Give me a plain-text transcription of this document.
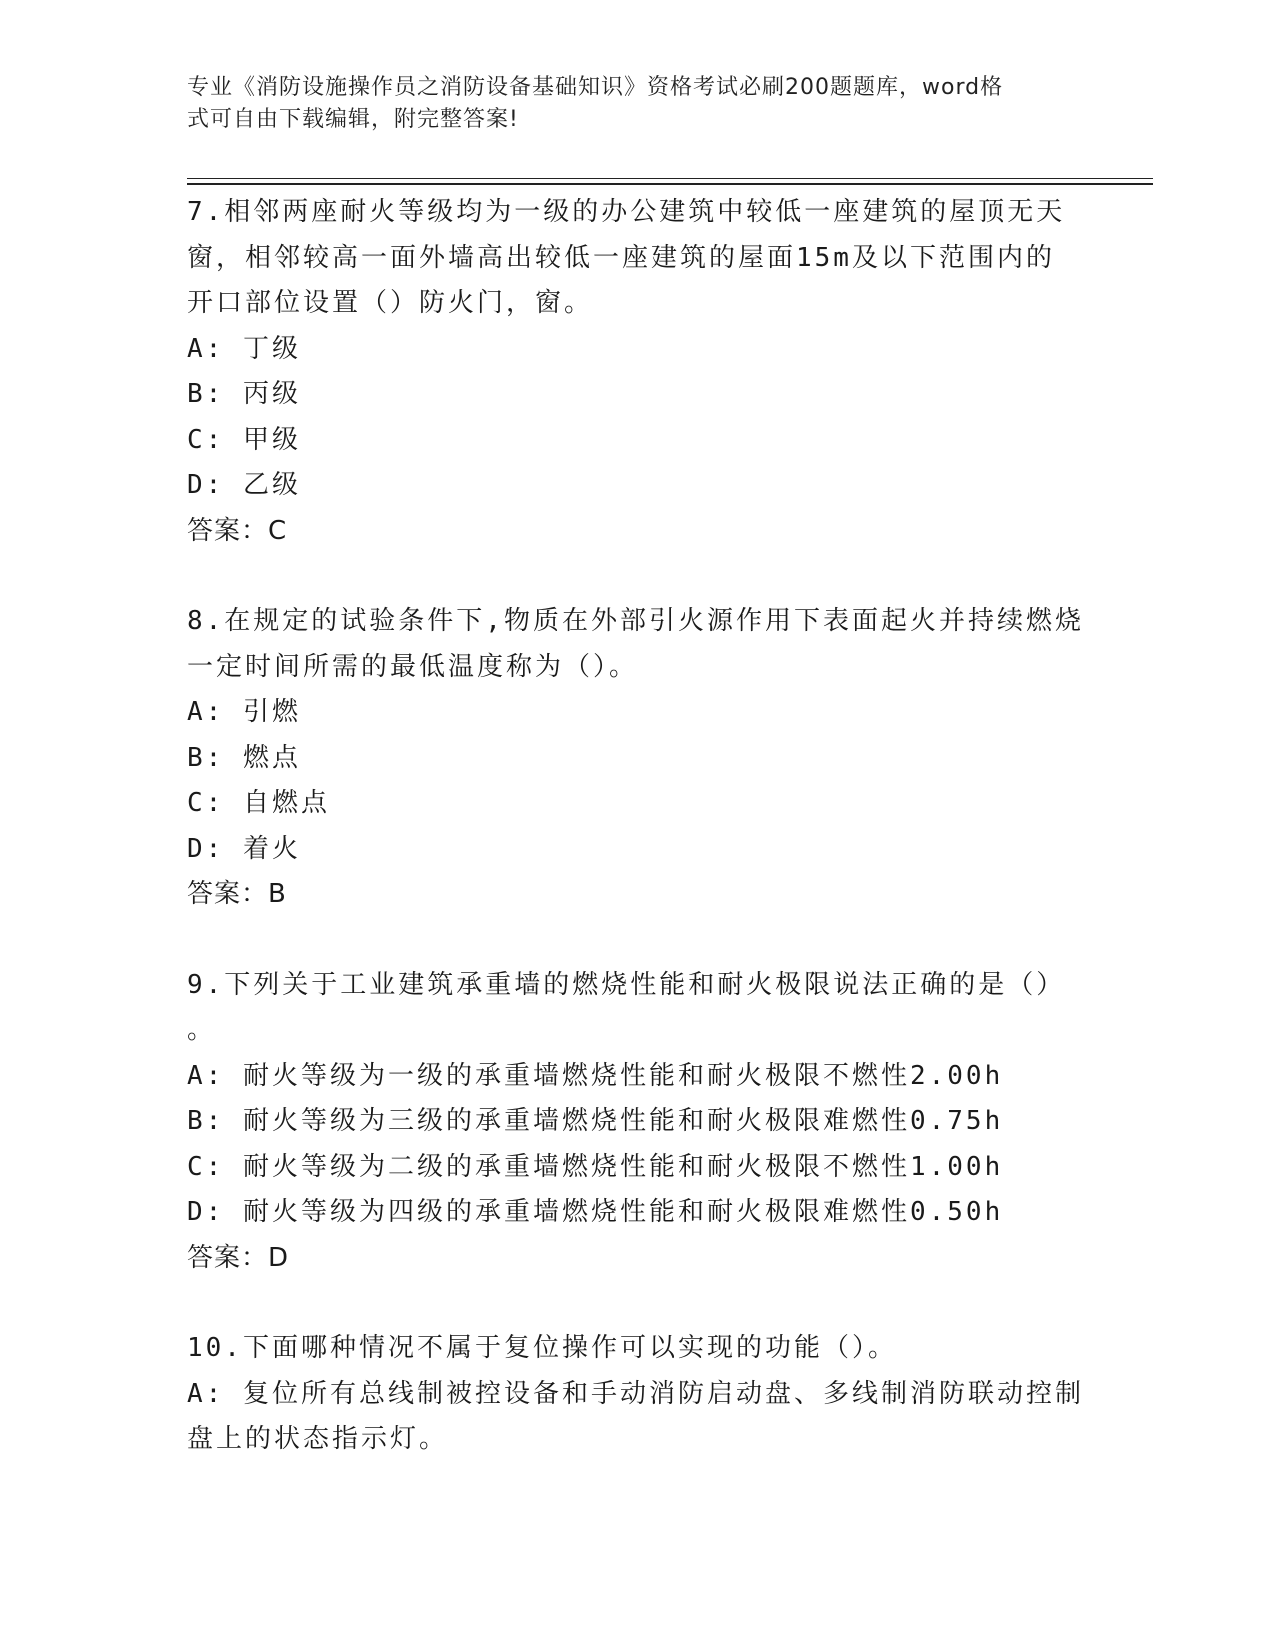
专业《消防设施操作员之消防设备基础知识》资格考试必刷200题题库，word格
式可自由下载编辑，附完整答案!
7.相邻两座耐火等级均为一级的办公建筑中较低一座建筑的屋顶无天
窗，相邻较高一面外墙高出较低一座建筑的屋面15m及以下范围内的
开口部位设置（）防火门，窗。
A: 丁级
B: 丙级
C: 甲级
D: 乙级
答案：C
8.在规定的试验条件下,物质在外部引火源作用下表面起火并持续燃烧
一定时间所需的最低温度称为（）。
A: 引燃
B: 燃点
C: 自燃点
D: 着火
答案：B
9.下列关于工业建筑承重墙的燃烧性能和耐火极限说法正确的是（）
。
A: 耐火等级为一级的承重墙燃烧性能和耐火极限不燃性2.00h
B: 耐火等级为三级的承重墙燃烧性能和耐火极限难燃性0.75h
C: 耐火等级为二级的承重墙燃烧性能和耐火极限不燃性1.00h
D: 耐火等级为四级的承重墙燃烧性能和耐火极限难燃性0.50h
答案：D
10.下面哪种情况不属于复位操作可以实现的功能（）。
A: 复位所有总线制被控设备和手动消防启动盘、多线制消防联动控制
盘上的状态指示灯。
